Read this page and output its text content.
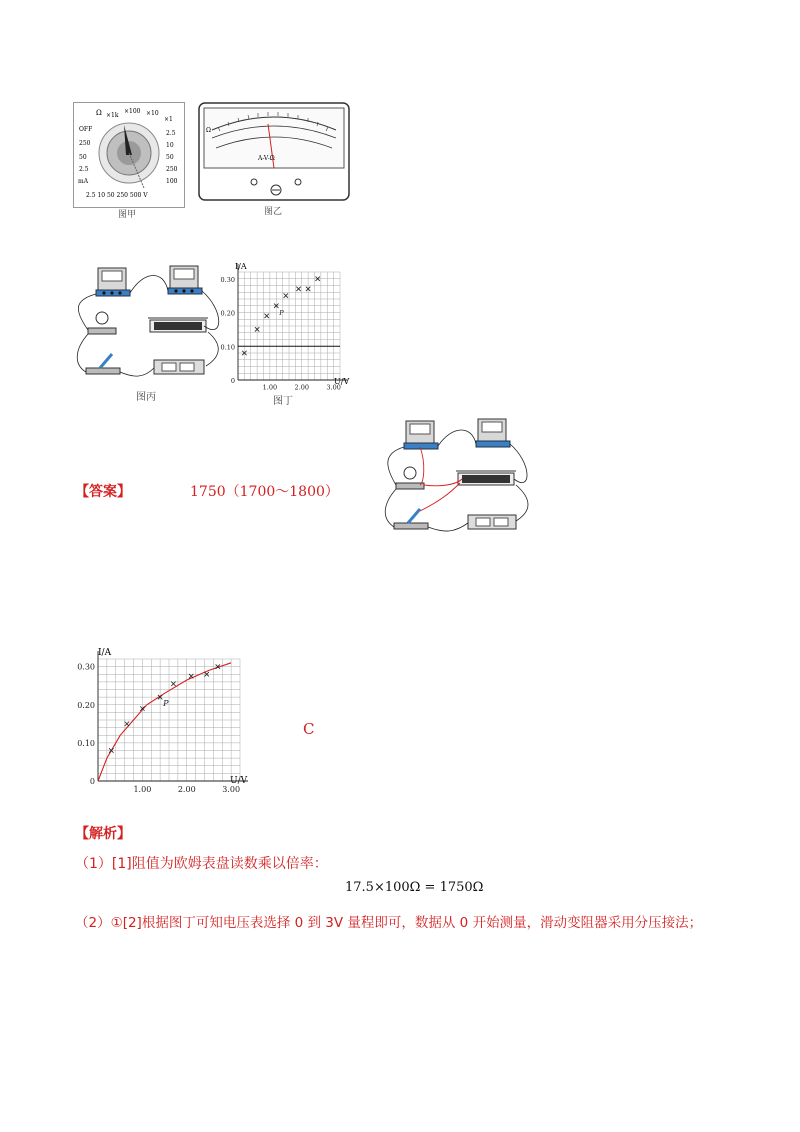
Ω ×1k
×100 ×10
×1
OFF
250
50
2.5
mA
2.5
10
50
250
100
2.5 10 50 250 500 V
图甲
Ω
A-V-Ω
图乙
图丙
I/A
U/V
0.10
0.20
0.30
1.00	2.00	3.00
0
P
图丁
【答案】	1750（1700～1800）
I/A
U/V
0.10
0.20
0.30
1.00	2.00	3.00
0
P
C
【解析】
（1）[1]阻值为欧姆表盘读数乘以倍率：
17.5×100Ω = 1750Ω
（2）①[2]根据图丁可知电压表选择 0 到 3V 量程即可，数据从 0 开始测量，滑动变阻器采用分压接法；
